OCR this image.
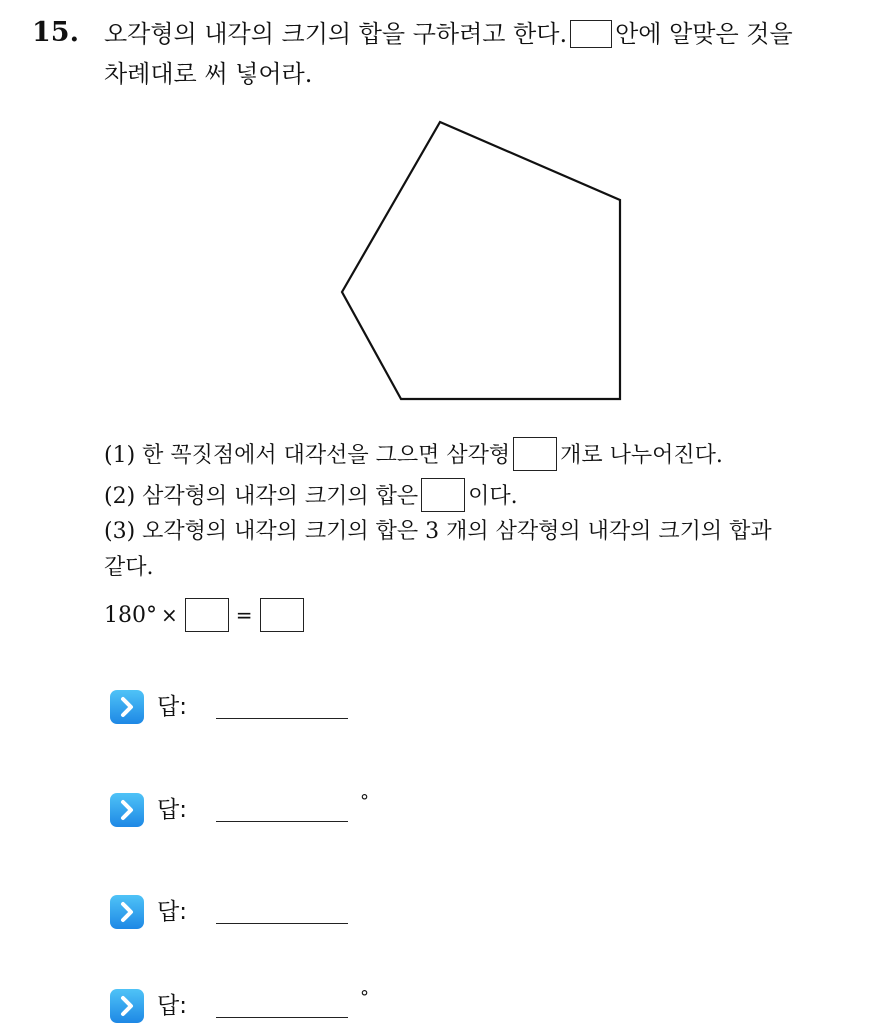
15. 오각형의 내각의 크기의 합을 구하려고 한다. 안에 알맞은 것을
차례대로 써 넣어라.
(1) 한 꼭짓점에서 대각선을 그으면 삼각형 개로 나누어진다.
(2) 삼각형의 내각의 크기의 합은 이다.
(3) 오각형의 내각의 크기의 합은 3 개의 삼각형의 내각의 크기의 합과
같다.
180° ×	=
답:
답:	°
답:
답:	°
